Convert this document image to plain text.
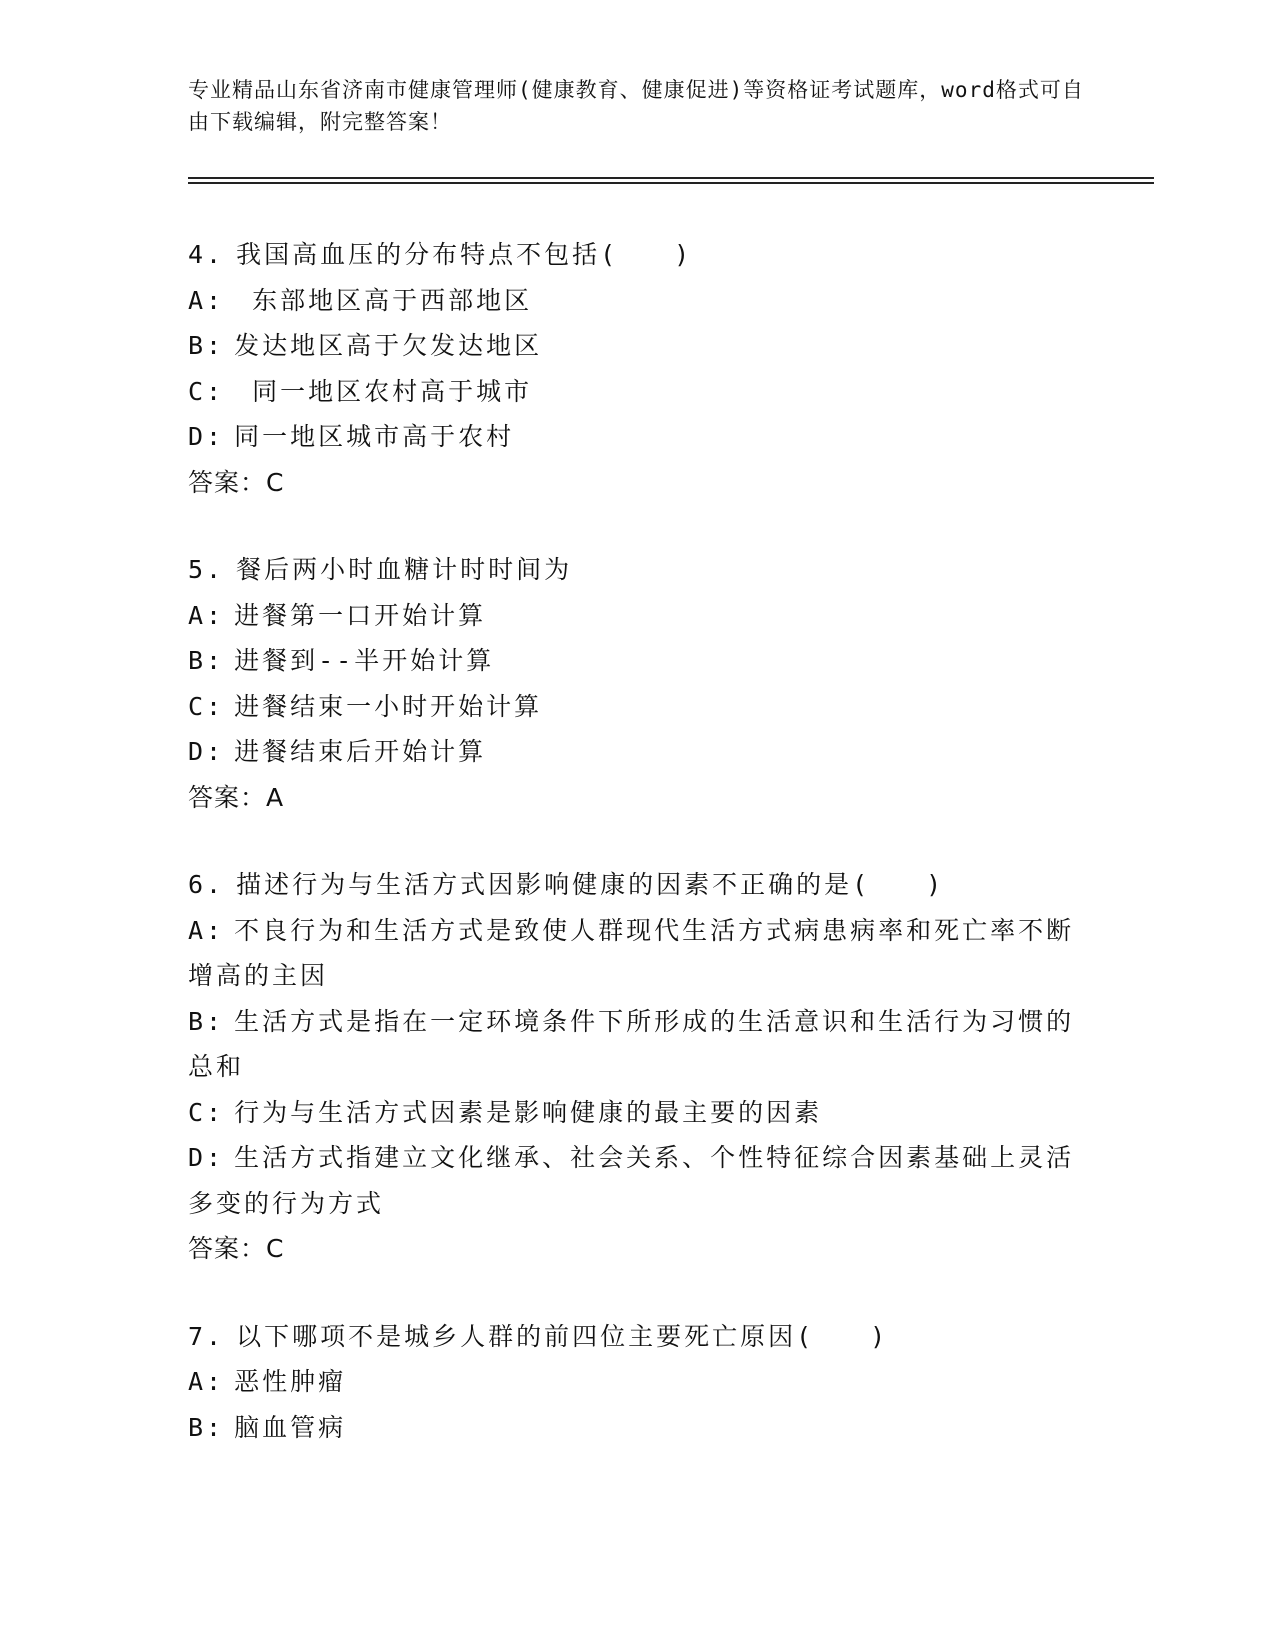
专业精品山东省济南市健康管理师(健康教育、健康促进)等资格证考试题库，word格式可自由下载编辑，附完整答案！
4. 我国高血压的分布特点不包括(　　)
A: 东部地区高于西部地区
B: 发达地区高于欠发达地区
C: 同一地区农村高于城市
D: 同一地区城市高于农村
答案：C
5. 餐后两小时血糖计时时间为
A: 进餐第一口开始计算
B: 进餐到--半开始计算
C: 进餐结束一小时开始计算
D: 进餐结束后开始计算
答案：A
6. 描述行为与生活方式因影响健康的因素不正确的是(　　)
A: 不良行为和生活方式是致使人群现代生活方式病患病率和死亡率不断增高的主因
B: 生活方式是指在一定环境条件下所形成的生活意识和生活行为习惯的总和
C: 行为与生活方式因素是影响健康的最主要的因素
D: 生活方式指建立文化继承、社会关系、个性特征综合因素基础上灵活多变的行为方式
答案：C
7. 以下哪项不是城乡人群的前四位主要死亡原因(　　)
A: 恶性肿瘤
B: 脑血管病
